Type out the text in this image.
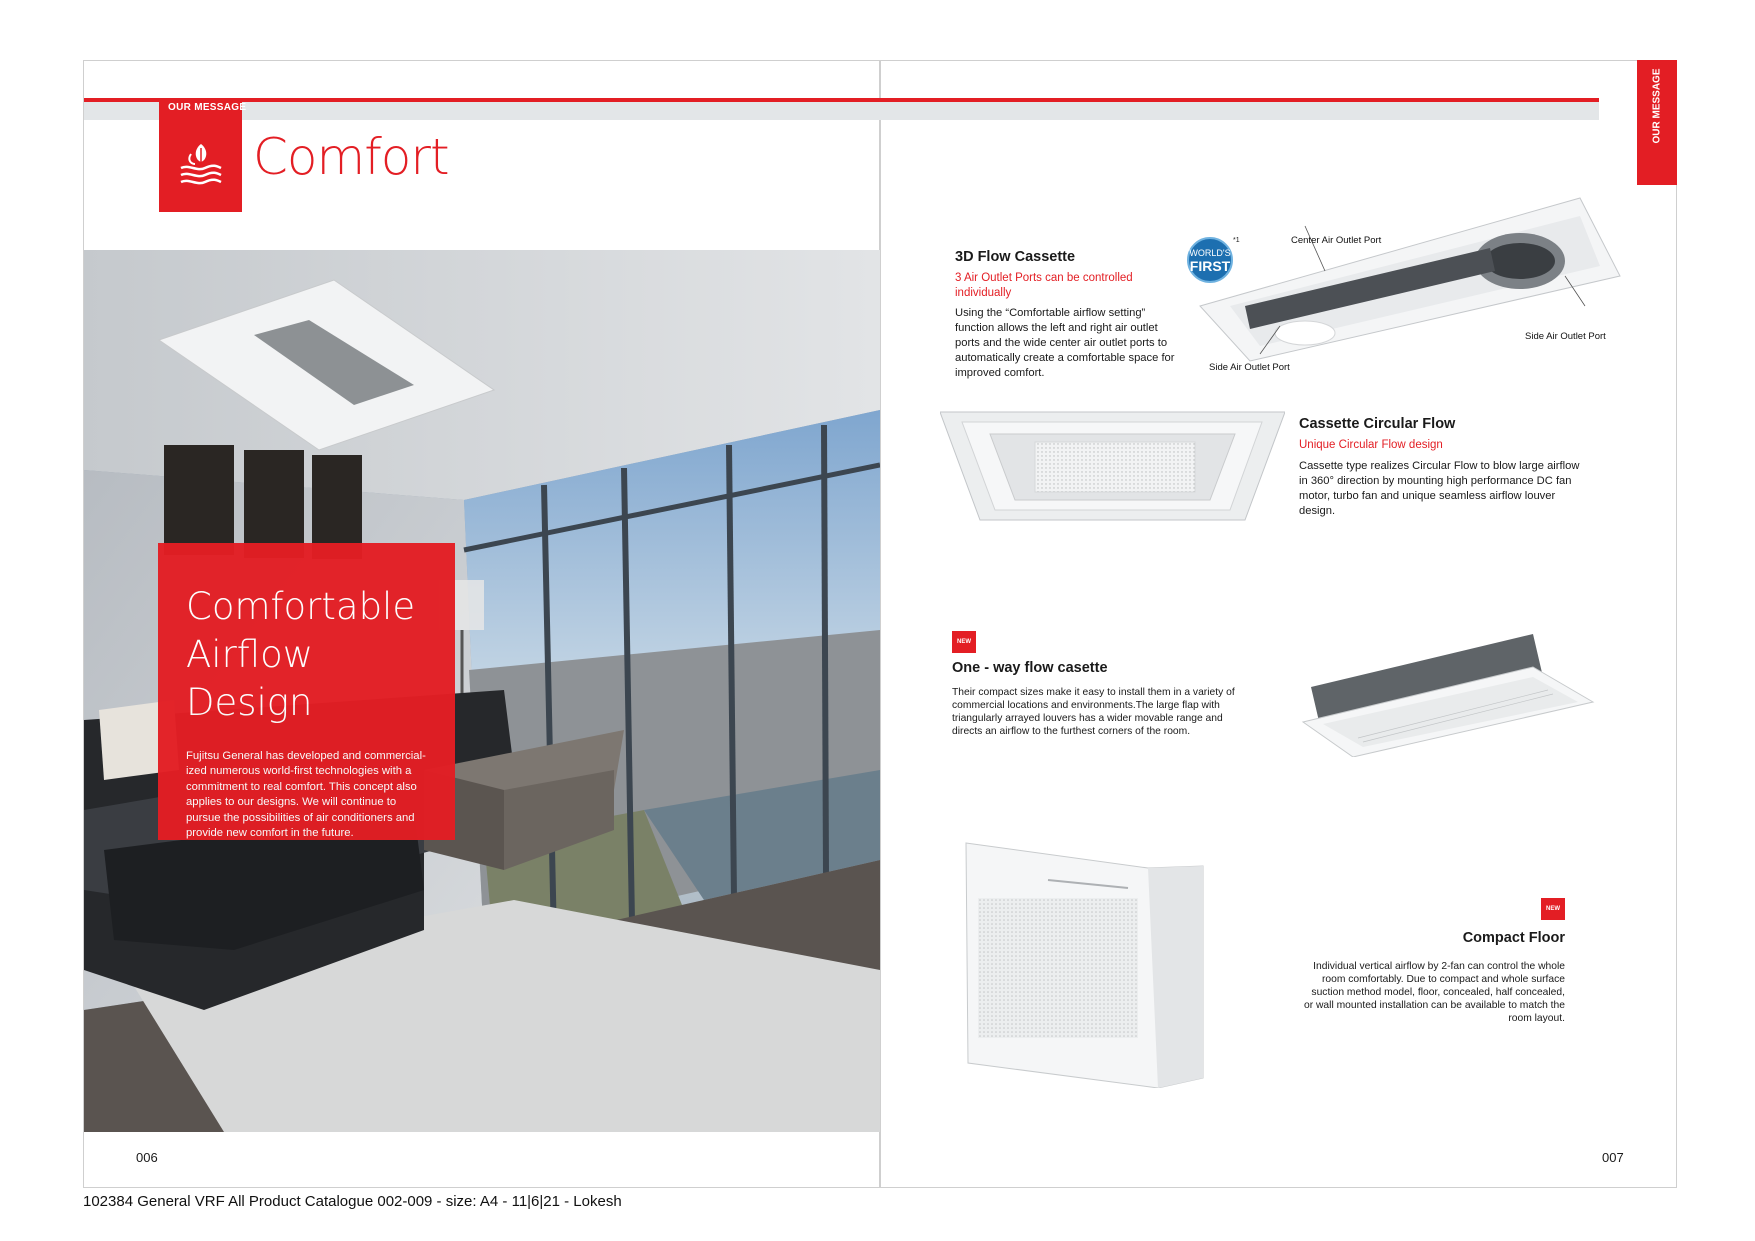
OUR MESSAGE
Comfort
Comfortable
Airflow Design

Fujitsu General has developed and commercial-ized numerous world-first technologies with a commitment to real comfort. This concept also applies to our designs. We will continue to pursue the possibilities of air conditioners and provide new comfort in the future.

006	007
OUR MESSAGE
3D Flow Cassette
3 Air Outlet Ports can be controlled individually

Using the “Comfortable airflow setting” function allows the left and right air outlet ports and the wide center air outlet ports to automatically create a comfortable space for improved comfort.

WORLD'S
FIRST
*1	Center Air Outlet Port
Side Air Outlet Port
Side Air Outlet Port
Cassette Circular Flow
Unique Circular Flow design

Cassette type realizes Circular Flow to blow large airflow in 360° direction by mounting high performance DC fan motor, turbo fan and unique seamless airflow louver design.

NEW
One - way flow casette

Their compact sizes make it easy to install them in a variety of commercial locations and environments.The large flap with triangularly arrayed louvers has a wider movable range and directs an airflow to the furthest corners of the room.

NEW
Compact Floor

Individual vertical airflow by 2-fan can control the whole room comfortably. Due to compact and whole surface suction method model, floor, concealed, half concealed, or wall mounted installation can be available to match the room layout.

102384 General VRF All Product Catalogue 002-009 - size: A4 - 11|6|21 - Lokesh
